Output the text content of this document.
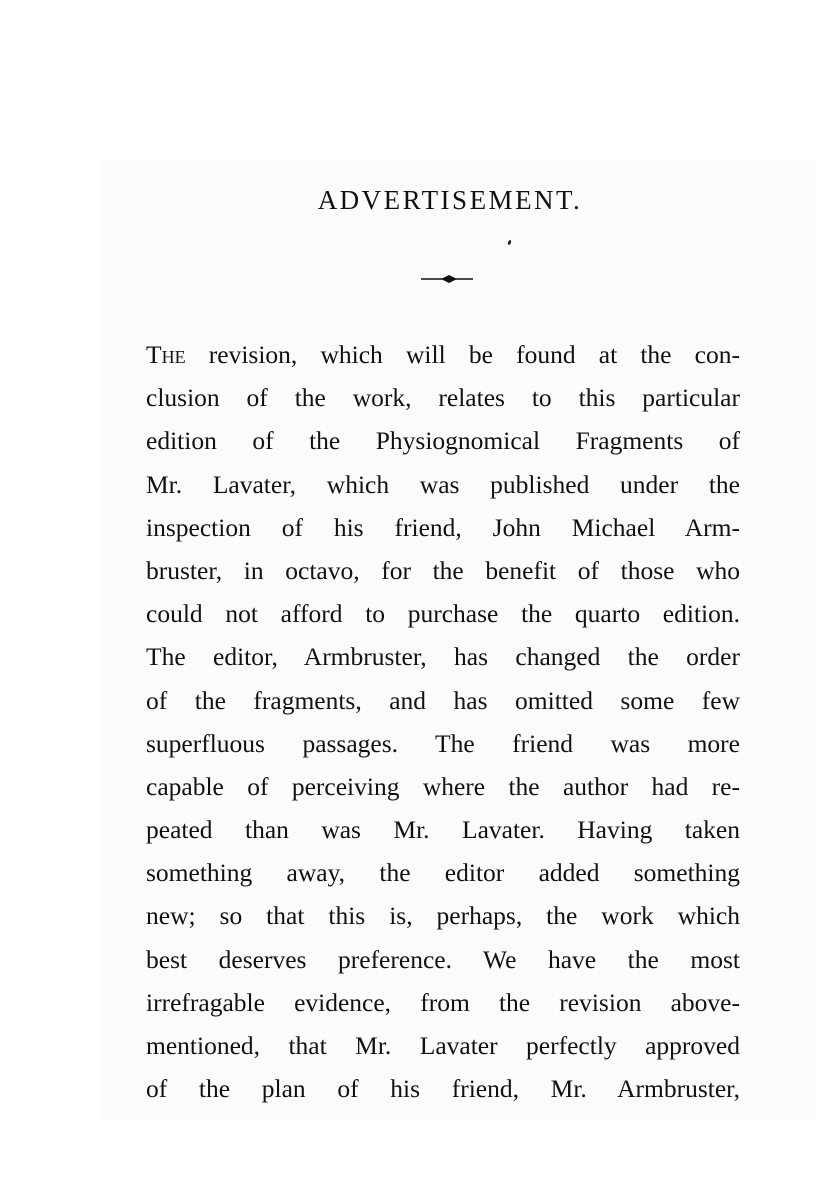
ADVERTISEMENT.
The revision, which will be found at the con-
clusion of the work, relates to this particular
edition of the Physiognomical Fragments of
Mr. Lavater, which was published under the
inspection of his friend, John Michael Arm-
bruster, in octavo, for the benefit of those who
could not afford to purchase the quarto edition.
The editor, Armbruster, has changed the order
of the fragments, and has omitted some few
superfluous passages. The friend was more
capable of perceiving where the author had re-
peated than was Mr. Lavater. Having taken
something away, the editor added something
new; so that this is, perhaps, the work which
best deserves preference. We have the most
irrefragable evidence, from the revision above-
mentioned, that Mr. Lavater perfectly approved
of the plan of his friend, Mr. Armbruster,
